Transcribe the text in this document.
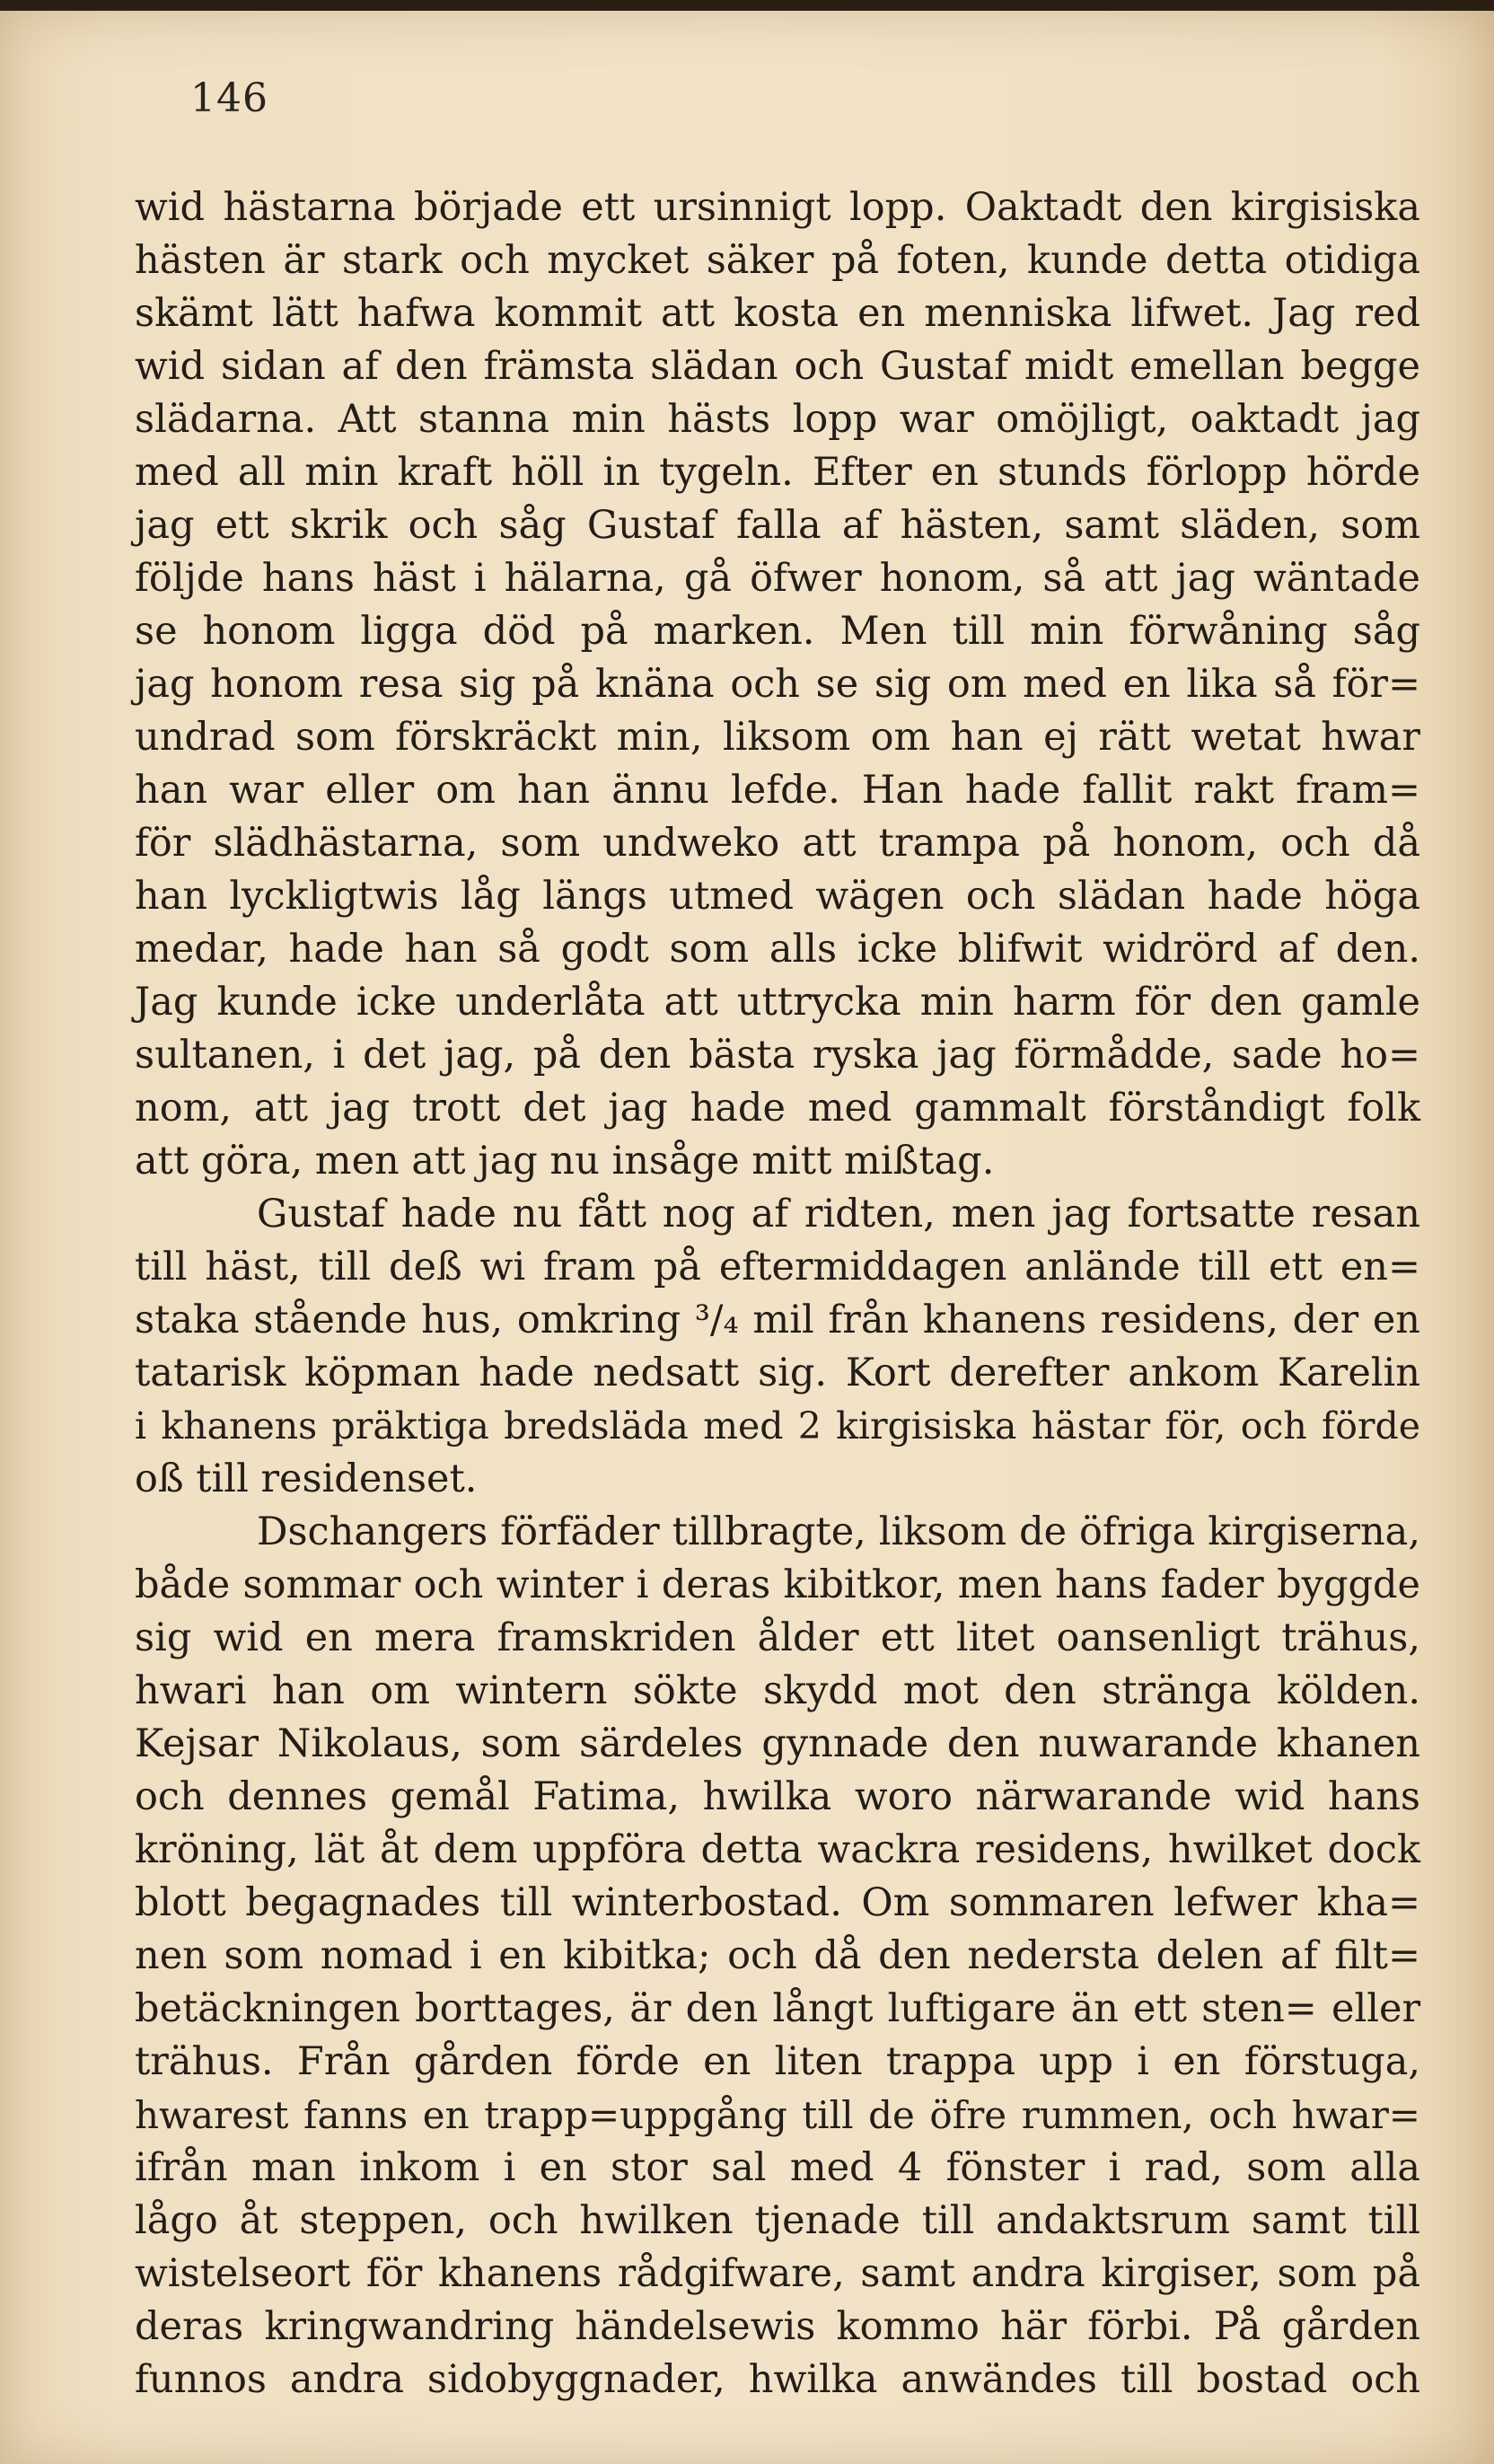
146
wid hästarna började ett ursinnigt lopp. Oaktadt den kirgisiska
hästen är stark och mycket säker på foten, kunde detta otidiga
skämt lätt hafwa kommit att kosta en menniska lifwet. Jag red
wid sidan af den främsta slädan och Gustaf midt emellan begge
slädarna. Att stanna min hästs lopp war omöjligt, oaktadt jag
med all min kraft höll in tygeln. Efter en stunds förlopp hörde
jag ett skrik och såg Gustaf falla af hästen, samt släden, som
följde hans häst i hälarna, gå öfwer honom, så att jag wäntade
se honom ligga död på marken. Men till min förwåning såg
jag honom resa sig på knäna och se sig om med en lika så för=
undrad som förskräckt min, liksom om han ej rätt wetat hwar
han war eller om han ännu lefde. Han hade fallit rakt fram=
för slädhästarna, som undweko att trampa på honom, och då
han lyckligtwis låg längs utmed wägen och slädan hade höga
medar, hade han så godt som alls icke blifwit widrörd af den.
Jag kunde icke underlåta att uttrycka min harm för den gamle
sultanen, i det jag, på den bästa ryska jag förmådde, sade ho=
nom, att jag trott det jag hade med gammalt förståndigt folk
att göra, men att jag nu insåge mitt mißtag.
Gustaf hade nu fått nog af ridten, men jag fortsatte resan
till häst, till deß wi fram på eftermiddagen anlände till ett en=
staka stående hus, omkring ³/₄ mil från khanens residens, der en
tatarisk köpman hade nedsatt sig. Kort derefter ankom Karelin
i khanens präktiga bredsläda med 2 kirgisiska hästar för, och förde
oß till residenset.
Dschangers förfäder tillbragte, liksom de öfriga kirgiserna,
både sommar och winter i deras kibitkor, men hans fader byggde
sig wid en mera framskriden ålder ett litet oansenligt trähus,
hwari han om wintern sökte skydd mot den stränga kölden.
Kejsar Nikolaus, som särdeles gynnade den nuwarande khanen
och dennes gemål Fatima, hwilka woro närwarande wid hans
kröning, lät åt dem uppföra detta wackra residens, hwilket dock
blott begagnades till winterbostad. Om sommaren lefwer kha=
nen som nomad i en kibitka; och då den nedersta delen af filt=
betäckningen borttages, är den långt luftigare än ett sten= eller
trähus. Från gården förde en liten trappa upp i en förstuga,
hwarest fanns en trapp=uppgång till de öfre rummen, och hwar=
ifrån man inkom i en stor sal med 4 fönster i rad, som alla
lågo åt steppen, och hwilken tjenade till andaktsrum samt till
wistelseort för khanens rådgifware, samt andra kirgiser, som på
deras kringwandring händelsewis kommo här förbi. På gården
funnos andra sidobyggnader, hwilka anwändes till bostad och
